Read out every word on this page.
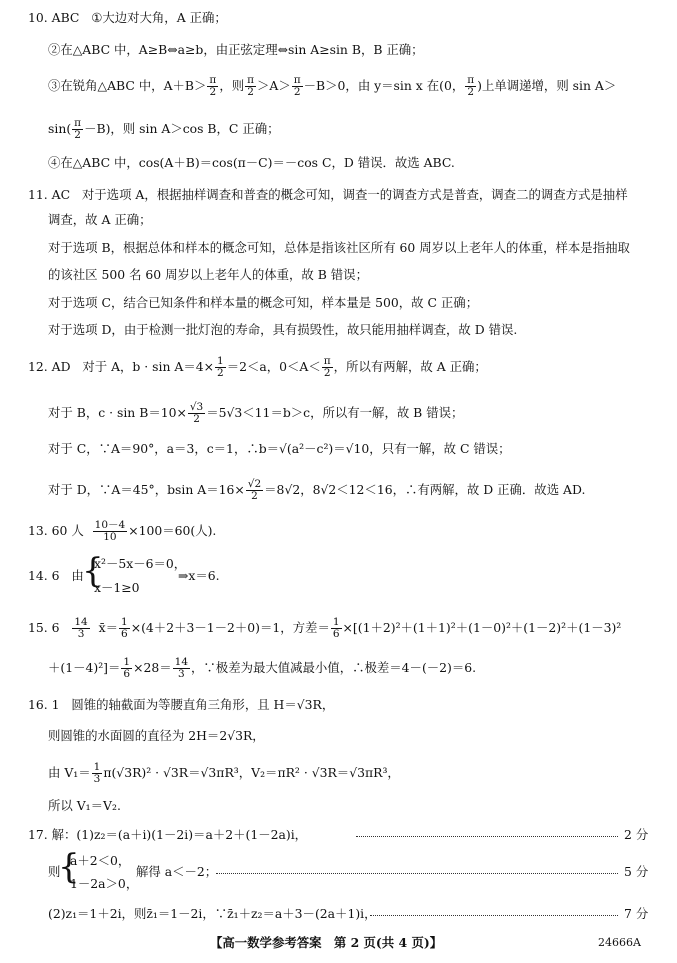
10. ABC ①大边对大角，A 正确；
②在△ABC 中，A≥B⇔a≥b，由正弦定理⇔sin A≥sin B，B 正确；
③在锐角△ABC 中，$A+B> \frac{\pi}{2}$ ，则 $\frac{\pi}{2} >A> \frac{\pi}{2} -B>0$，由 y＝sin x 在(0， $\frac{\pi}{2}$ )上单调递增，则 sin A＞
$\sin( \frac{\pi}{2} -B)$，则 sin A＞cos B，C 正确；
④在△ABC 中，cos(A＋B)＝cos(π－C)＝－cos C，D 错误．故选 ABC.
11. AC 对于选项 A，根据抽样调查和普查的概念可知，调查一的调查方式是普查，调查二的调查方式是抽样
调查，故 A 正确；
对于选项 B，根据总体和样本的概念可知，总体是指该社区所有 60 周岁以上老年人的体重，样本是指抽取
的该社区 500 名 60 周岁以上老年人的体重，故 B 错误；
对于选项 C，结合已知条件和样本量的概念可知，样本量是 500，故 C 正确；
对于选项 D，由于检测一批灯泡的寿命，具有损毁性，故只能用抽样调查，故 D 错误.
12. AD 对于 A，$b \cdot \sin A=4\times \frac{1}{2} =2<a$，$0<A< \frac{\pi}{2}$ ，所以有两解，故 A 正确；
对于 B，$c \cdot \sin B=10\times \frac{√3}{2} =5√3<11=b>c$，所以有一解，故 B 错误；
对于 C，∵A＝90°，a＝3，c＝1，∴b＝√(a²－c²)＝√10，只有一解，故 C 错误；
对于 D，∵A＝45°，bsin $A=16\times \frac{√2}{2} =8√2$，8√2＜12＜16，∴有两解，故 D 正确．故选 AD.
13. 60 人 $\frac{10-4}{10} \times 100=60$(人).
14. 6 由
{
x²－5x－6＝0，
x－1≥0
⇒x＝6.
15. $6 \frac{14}{3}$ x̄＝ $\frac{1}{6} \times(4+2+3-1-2+0)=1$，方差＝ $\frac{1}{6} \times[(1+2)^2+(1+1)^2+(1-0)^2+(1-2)^2+(1-3)^2$
$+(1-4)^2]= \frac{1}{6} \times 28= \frac{14}{3}$ ，∵极差为最大值减最小值，∴极差＝4－(－2)＝6.
16. 1 圆锥的轴截面为等腰直角三角形，且 H＝√3R，
则圆锥的水面圆的直径为 2H＝2√3R，
由 $V_1= \frac{1}{3} \pi(√3R)^2 \cdot √3R=√3\pi R^3$，V₂＝πR² · √3R＝√3πR³，
所以 V₁＝V₂.
17. 解：(1)z₂＝(a＋i)(1－2i)＝a＋2＋(1－2a)i，	2 分
则
{
a＋2＜0，
1－2a＞0，
解得 a＜－2；	5 分
(2)z₁＝1＋2i，则z̄₁＝1－2i，∵z̄₁＋z₂＝a＋3－(2a＋1)i，	7 分
【高一数学参考答案　第 2 页(共 4 页)】	24666A
